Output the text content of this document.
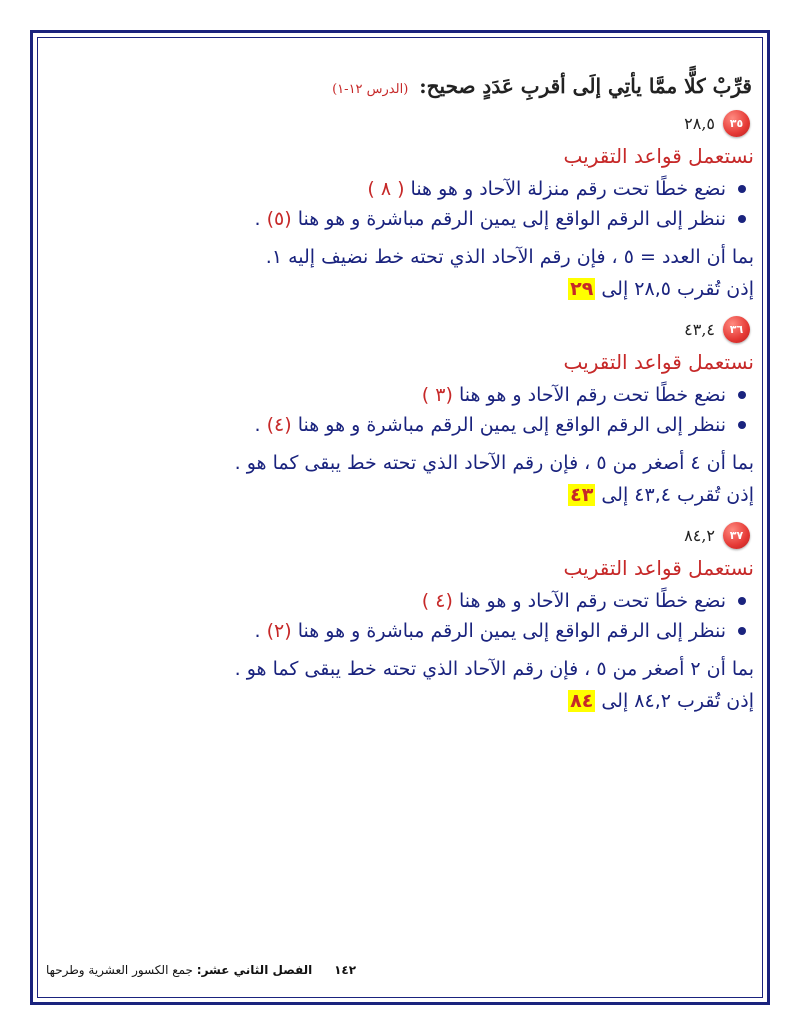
قرِّبْ كلًّا ممَّا يأتِي إلَى أقربِ عَدَدٍ صحيح: (الدرس ١٢-١)
٣٥
٢٨,٥
نستعمل قواعد التقريب
نضع خطًا تحت رقم منزلة الآحاد و هو هنا ( ٨ )
ننظر إلى الرقم الواقع إلى يمين الرقم مباشرة و هو هنا (٥) .
بما أن العدد = ٥ ، فإن رقم الآحاد الذي تحته خط نضيف إليه ١.
إذن تُقرب ٢٨,٥ إلى ٢٩
٣٦
٤٣,٤
نستعمل قواعد التقريب
نضع خطًا تحت رقم الآحاد و هو هنا (٣ )
ننظر إلى الرقم الواقع إلى يمين الرقم مباشرة و هو هنا (٤) .
بما أن ٤ أصغر من ٥ ، فإن رقم الآحاد الذي تحته خط يبقى كما هو .
إذن تُقرب ٤٣,٤ إلى ٤٣
٣٧
٨٤,٢
نستعمل قواعد التقريب
نضع خطًا تحت رقم الآحاد و هو هنا (٤ )
ننظر إلى الرقم الواقع إلى يمين الرقم مباشرة و هو هنا (٢) .
بما أن ٢ أصغر من ٥ ، فإن رقم الآحاد الذي تحته خط يبقى كما هو .
إذن تُقرب ٨٤,٢ إلى ٨٤
١٤٢ الفصل الثاني عشر: جمع الكسور العشرية وطرحها
